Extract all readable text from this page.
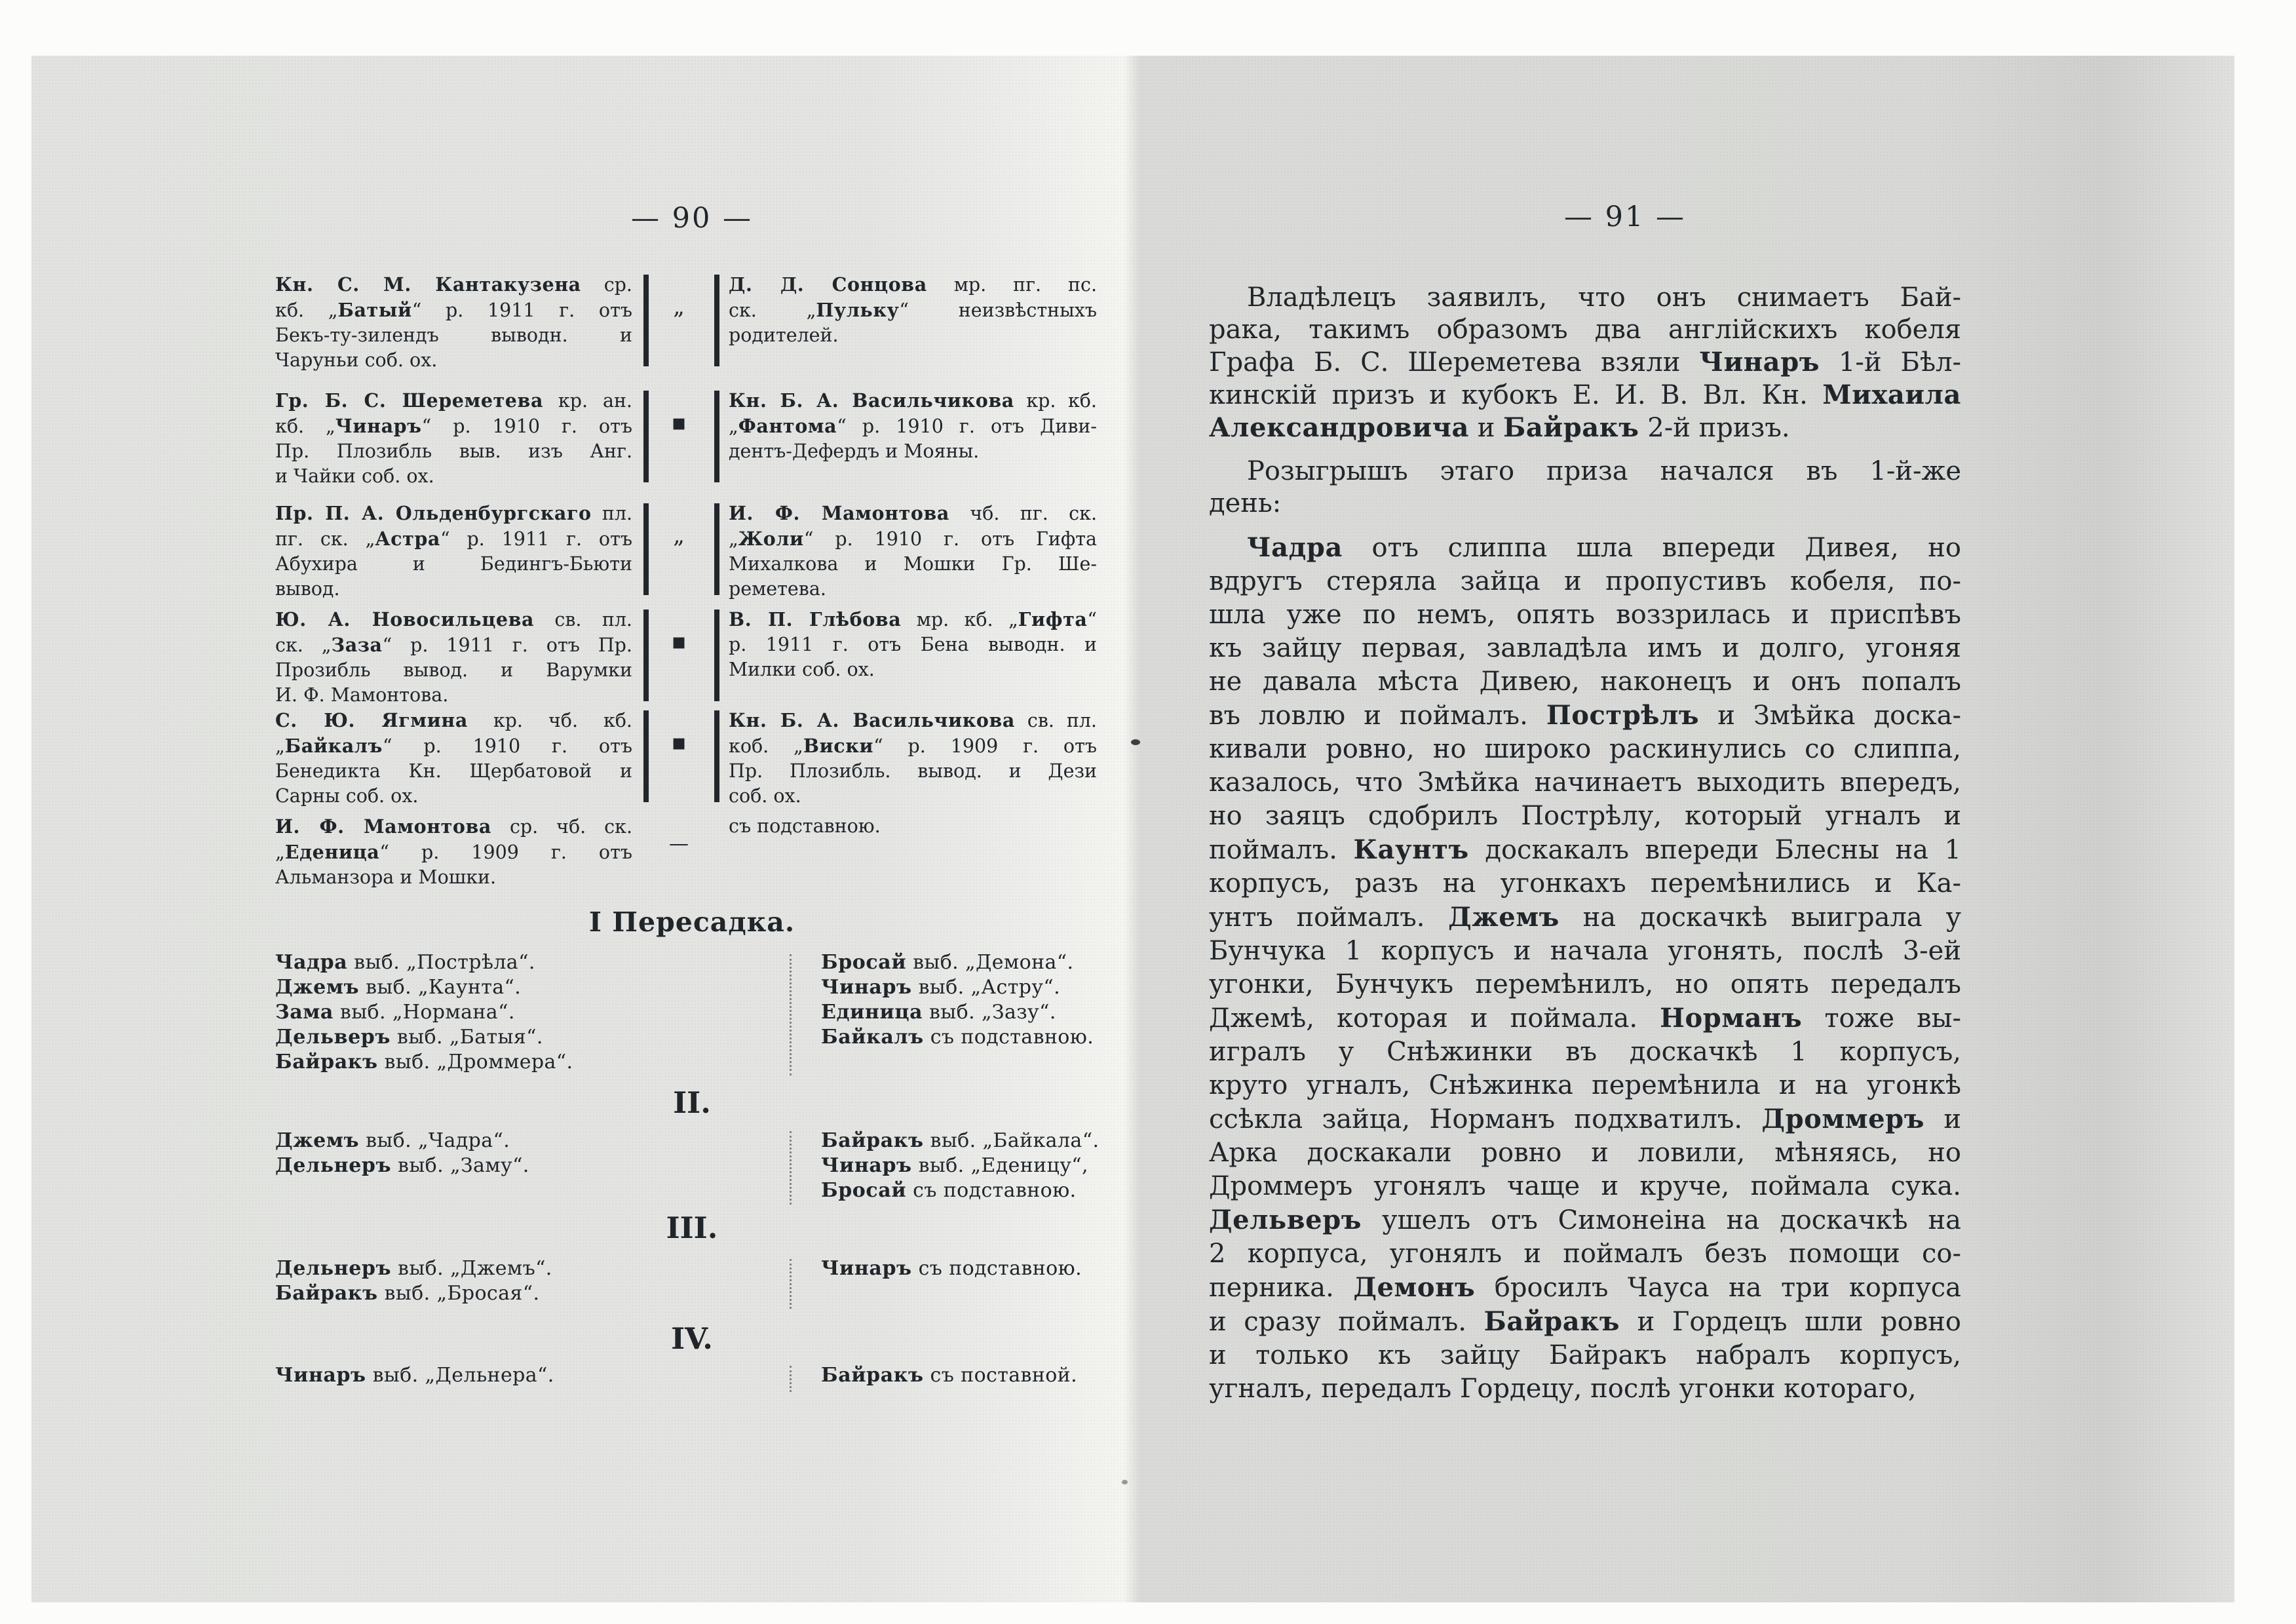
— 90 —
Кн. С. М. Кантакузена ср.
кб. „Батый“ р. 1911 г. отъ
Бекъ-ту-зилендъ выводн. и
Чаруньи соб. ох.
„
Д. Д. Сонцова мр. пг. пс.
ск. „Пульку“ неизвѣстныхъ
родителей.
Гр. Б. С. Шереметева кр. ан.
кб. „Чинаръ“ р. 1910 г. отъ
Пр. Плозибль выв. изъ Анг.
и Чайки соб. ох.
▪
Кн. Б. А. Васильчикова кр. кб.
„Фантома“ р. 1910 г. отъ Диви-
дентъ-Дефердъ и Мояны.
Пр. П. А. Ольденбургскаго пл.
пг. ск. „Астра“ р. 1911 г. отъ
Абухира и Бедингъ-Бьюти
вывод.
„
И. Ф. Мамонтова чб. пг. ск.
„Жоли“ р. 1910 г. отъ Гифта
Михалкова и Мошки Гр. Ше-
реметева.
Ю. А. Новосильцева св. пл.
ск. „Заза“ р. 1911 г. отъ Пр.
Прозибль вывод. и Варумки
И. Ф. Мамонтова.
▪
В. П. Глѣбова мр. кб. „Гифта“
р. 1911 г. отъ Бена выводн. и
Милки соб. ох.
С. Ю. Ягмина кр. чб. кб.
„Байкалъ“ р. 1910 г. отъ
Бенедикта Кн. Щербатовой и
Сарны соб. ох.
▪
Кн. Б. А. Васильчикова св. пл.
коб. „Виски“ р. 1909 г. отъ
Пр. Плозибль. вывод. и Дези
соб. ох.
И. Ф. Мамонтова ср. чб. ск.
„Еденица“ р. 1909 г. отъ
Альманзора и Мошки.
—
съ подставною.
I Пересадка.
Чадра выб. „Пострѣла“.
Джемъ выб. „Каунта“.
Зама выб. „Нормана“.
Дельверъ выб. „Батыя“.
Байракъ выб. „Дроммера“.
Бросай выб. „Демона“.
Чинаръ выб. „Астру“.
Единица выб. „Зазу“.
Байкалъ съ подставною.
II.
Джемъ выб. „Чадра“.
Дельнеръ выб. „Заму“.
Байракъ выб. „Байкала“.
Чинаръ выб. „Еденицу“,
Бросай съ подставною.
III.
Дельнеръ выб. „Джемъ“.
Байракъ выб. „Бросая“.
Чинаръ съ подставною.
IV.
Чинаръ выб. „Дельнера“.	Байракъ съ поставной.
— 91 —
Владѣлецъ заявилъ, что онъ снимаетъ Бай-
рака, такимъ образомъ два англійскихъ кобеля
Графа Б. С. Шереметева взяли Чинаръ 1-й Бѣл-
кинскій призъ и кубокъ Е. И. В. Вл. Кн. Михаила
Александровича и Байракъ 2-й призъ.
Розыгрышъ этаго приза начался въ 1-й-же
день:
Чадра отъ слиппа шла впереди Дивея, но
вдругъ стеряла зайца и пропустивъ кобеля, по-
шла уже по немъ, опять воззрилась и приспѣвъ
къ зайцу первая, завладѣла имъ и долго, угоняя
не давала мѣста Дивею, наконецъ и онъ попалъ
въ ловлю и поймалъ. Пострѣлъ и Змѣйка доска-
кивали ровно, но широко раскинулись со слиппа,
казалось, что Змѣйка начинаетъ выходить впередъ,
но заяцъ сдобрилъ Пострѣлу, который угналъ и
поймалъ. Каунтъ доскакалъ впереди Блесны на 1
корпусъ, разъ на угонкахъ перемѣнились и Ка-
унтъ поймалъ. Джемъ на доскачкѣ выиграла у
Бунчука 1 корпусъ и начала угонять, послѣ 3-ей
угонки, Бунчукъ перемѣнилъ, но опять передалъ
Джемѣ, которая и поймала. Норманъ тоже вы-
игралъ у Снѣжинки въ доскачкѣ 1 корпусъ,
круто угналъ, Снѣжинка перемѣнила и на угонкѣ
ссѣкла зайца, Норманъ подхватилъ. Дроммеръ и
Арка доскакали ровно и ловили, мѣняясь, но
Дроммеръ угонялъ чаще и круче, поймала сука.
Дельверъ ушелъ отъ Симонеіна на доскачкѣ на
2 корпуса, угонялъ и поймалъ безъ помощи со-
перника. Демонъ бросилъ Чауса на три корпуса
и сразу поймалъ. Байракъ и Гордецъ шли ровно
и только къ зайцу Байракъ набралъ корпусъ,
угналъ, передалъ Гордецу, послѣ угонки котораго,
